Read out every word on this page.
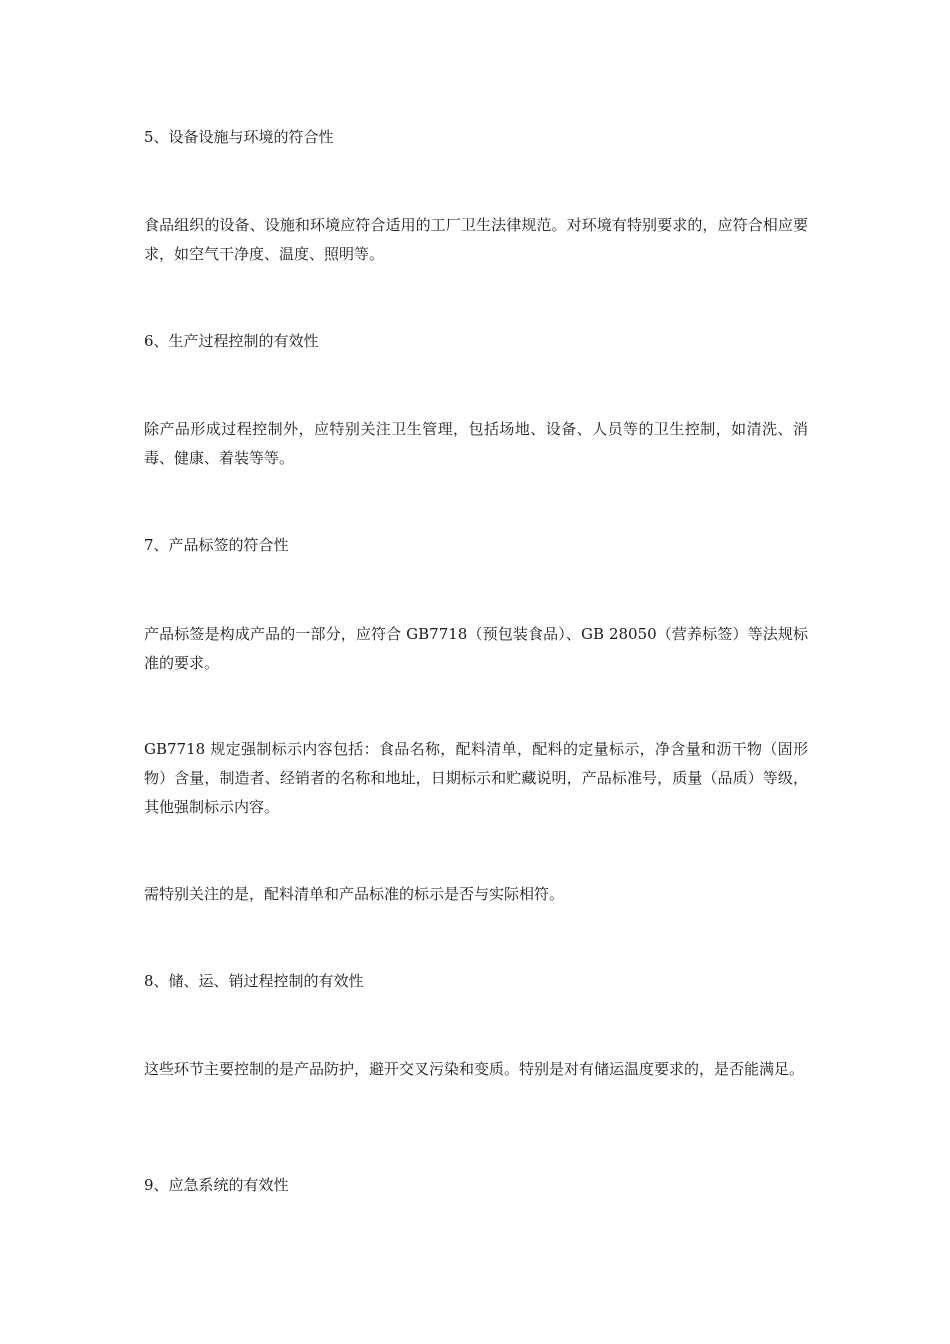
5、设备设施与环境的符合性

食品组织的设备、设施和环境应符合适用的工厂卫生法律规范。对环境有特别要求的，应符合相应要求，如空气干净度、温度、照明等。

6、生产过程控制的有效性

除产品形成过程控制外，应特别关注卫生管理，包括场地、设备、人员等的卫生控制，如清洗、消毒、健康、着装等等。

7、产品标签的符合性

产品标签是构成产品的一部分，应符合 GB7718（预包装食品）、GB 28050（营养标签）等法规标准的要求。

GB7718 规定强制标示内容包括：食品名称，配料清单，配料的定量标示，净含量和沥干物（固形物）含量，制造者、经销者的名称和地址，日期标示和贮藏说明，产品标准号，质量（品质）等级，其他强制标示内容。

需特别关注的是，配料清单和产品标准的标示是否与实际相符。

8、储、运、销过程控制的有效性

这些环节主要控制的是产品防护，避开交叉污染和变质。特别是对有储运温度要求的，是否能满足。

9、应急系统的有效性
